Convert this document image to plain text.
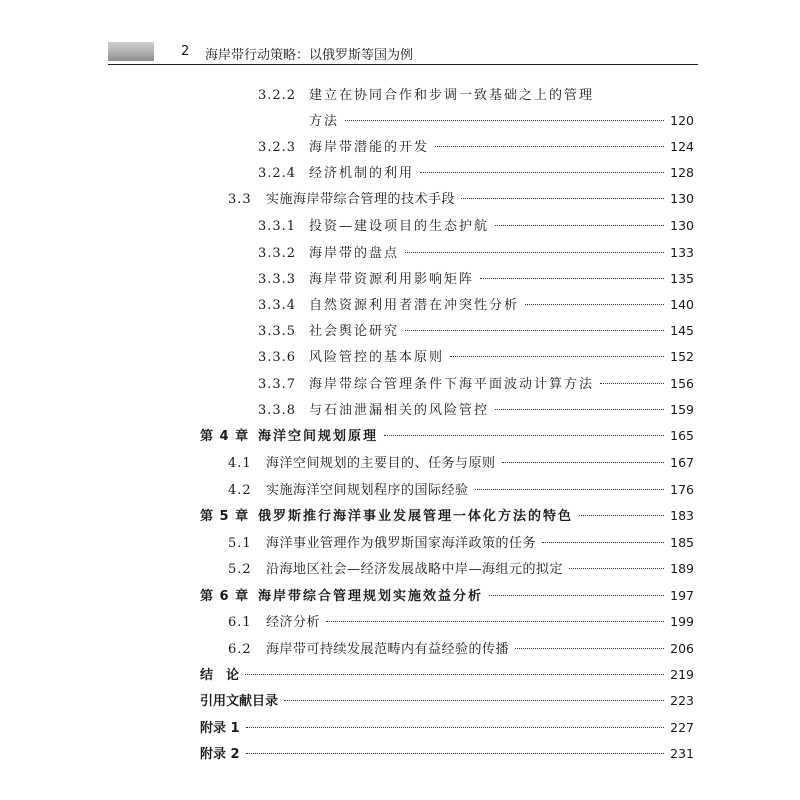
2 海岸带行动策略：以俄罗斯等国为例
3.2.2 建立在协同合作和步调一致基础之上的管理
方法	120
3.2.3 海岸带潜能的开发	124
3.2.4 经济机制的利用	128
3.3	实施海岸带综合管理的技术手段	130
3.3.1 投资—建设项目的生态护航	130
3.3.2 海岸带的盘点	133
3.3.3 海岸带资源利用影响矩阵	135
3.3.4 自然资源利用者潜在冲突性分析	140
3.3.5 社会舆论研究	145
3.3.6 风险管控的基本原则	152
3.3.7 海岸带综合管理条件下海平面波动计算方法	156
3.3.8 与石油泄漏相关的风险管控	159
第 4 章 海洋空间规划原理	165
4.1	海洋空间规划的主要目的、任务与原则	167
4.2	实施海洋空间规划程序的国际经验	176
第 5 章 俄罗斯推行海洋事业发展管理一体化方法的特色	183
5.1	海洋事业管理作为俄罗斯国家海洋政策的任务	185
5.2	沿海地区社会—经济发展战略中岸—海组元的拟定	189
第 6 章 海岸带综合管理规划实施效益分析	197
6.1	经济分析	199
6.2	海岸带可持续发展范畴内有益经验的传播	206
结　论	219
引用文献目录	223
附录 1	227
附录 2	231
